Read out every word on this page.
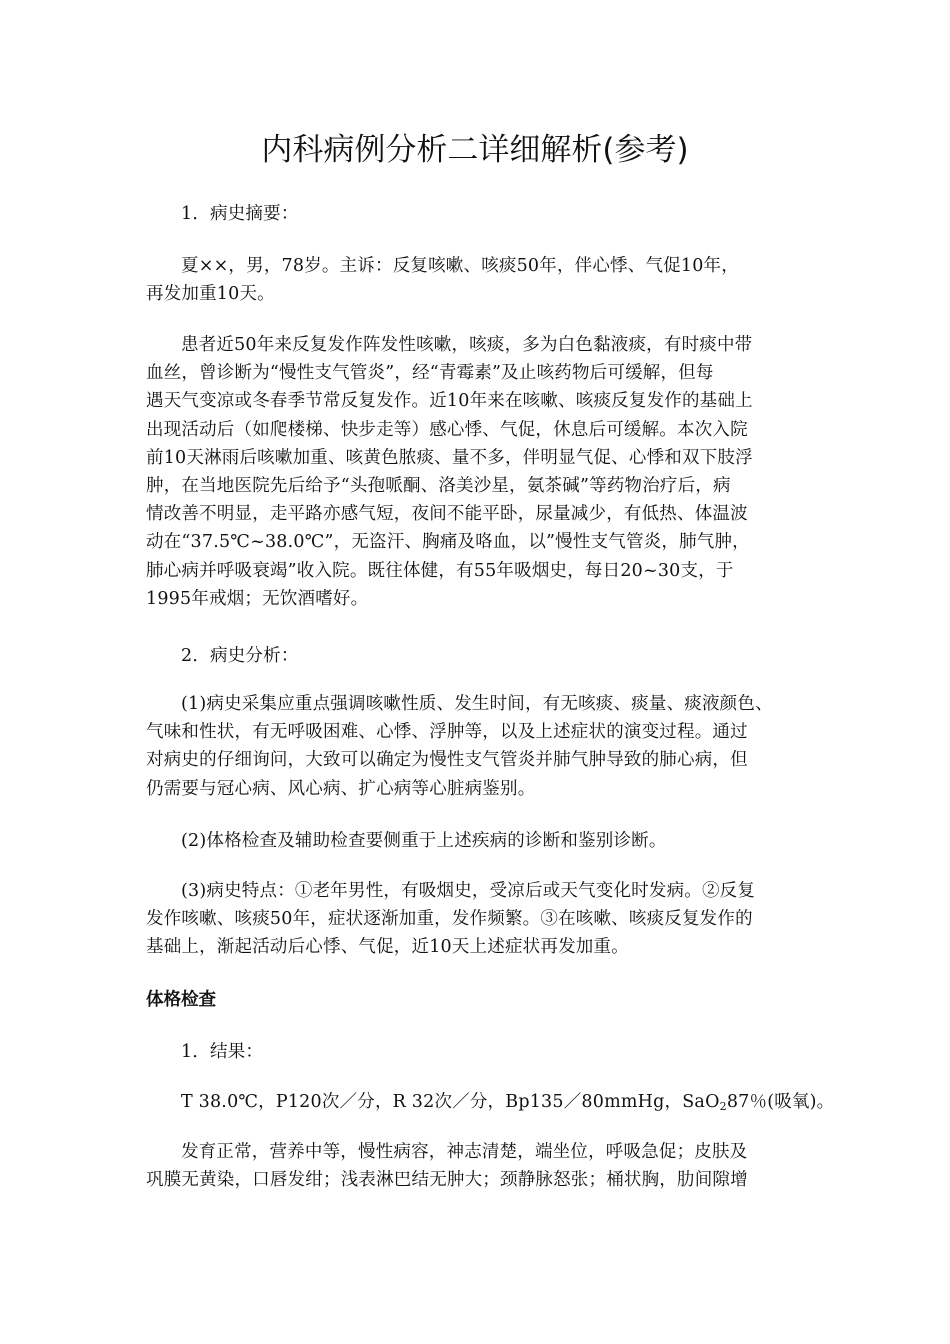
内科病例分析二详细解析(参考)

1．病史摘要：

夏××，男，78岁。主诉：反复咳嗽、咳痰50年，伴心悸、气促10年，
再发加重10天。

患者近50年来反复发作阵发性咳嗽，咳痰，多为白色黏液痰，有时痰中带
血丝，曾诊断为“慢性支气管炎”，经“青霉素”及止咳药物后可缓解，但每
遇天气变凉或冬春季节常反复发作。近10年来在咳嗽、咳痰反复发作的基础上
出现活动后（如爬楼梯、快步走等）感心悸、气促，休息后可缓解。本次入院
前10天淋雨后咳嗽加重、咳黄色脓痰、量不多，伴明显气促、心悸和双下肢浮
肿，在当地医院先后给予“头孢哌酮、洛美沙星，氨茶碱”等药物治疗后，病
情改善不明显，走平路亦感气短，夜间不能平卧，尿量减少，有低热、体温波
动在“37.5℃~38.0℃”，无盗汗、胸痛及咯血，以”慢性支气管炎，肺气肿，
肺心病并呼吸衰竭”收入院。既往体健，有55年吸烟史，每日20~30支，于
1995年戒烟；无饮酒嗜好。

2．病史分析：

(1)病史采集应重点强调咳嗽性质、发生时间，有无咳痰、痰量、痰液颜色、
气味和性状，有无呼吸困难、心悸、浮肿等，以及上述症状的演变过程。通过
对病史的仔细询问，大致可以确定为慢性支气管炎并肺气肿导致的肺心病，但
仍需要与冠心病、风心病、扩心病等心脏病鉴别。

(2)体格检查及辅助检查要侧重于上述疾病的诊断和鉴别诊断。

(3)病史特点：①老年男性，有吸烟史，受凉后或天气变化时发病。②反复
发作咳嗽、咳痰50年，症状逐渐加重，发作频繁。③在咳嗽、咳痰反复发作的
基础上，渐起活动后心悸、气促，近10天上述症状再发加重。

体格检查

1．结果：

T 38.0℃，P120次／分，R 32次／分，Bp135／80mmHg，SaO$_2$87％(吸氧)。

发育正常，营养中等，慢性病容，神志清楚，端坐位，呼吸急促；皮肤及
巩膜无黄染，口唇发绀；浅表淋巴结无肿大；颈静脉怒张；桶状胸，肋间隙增
